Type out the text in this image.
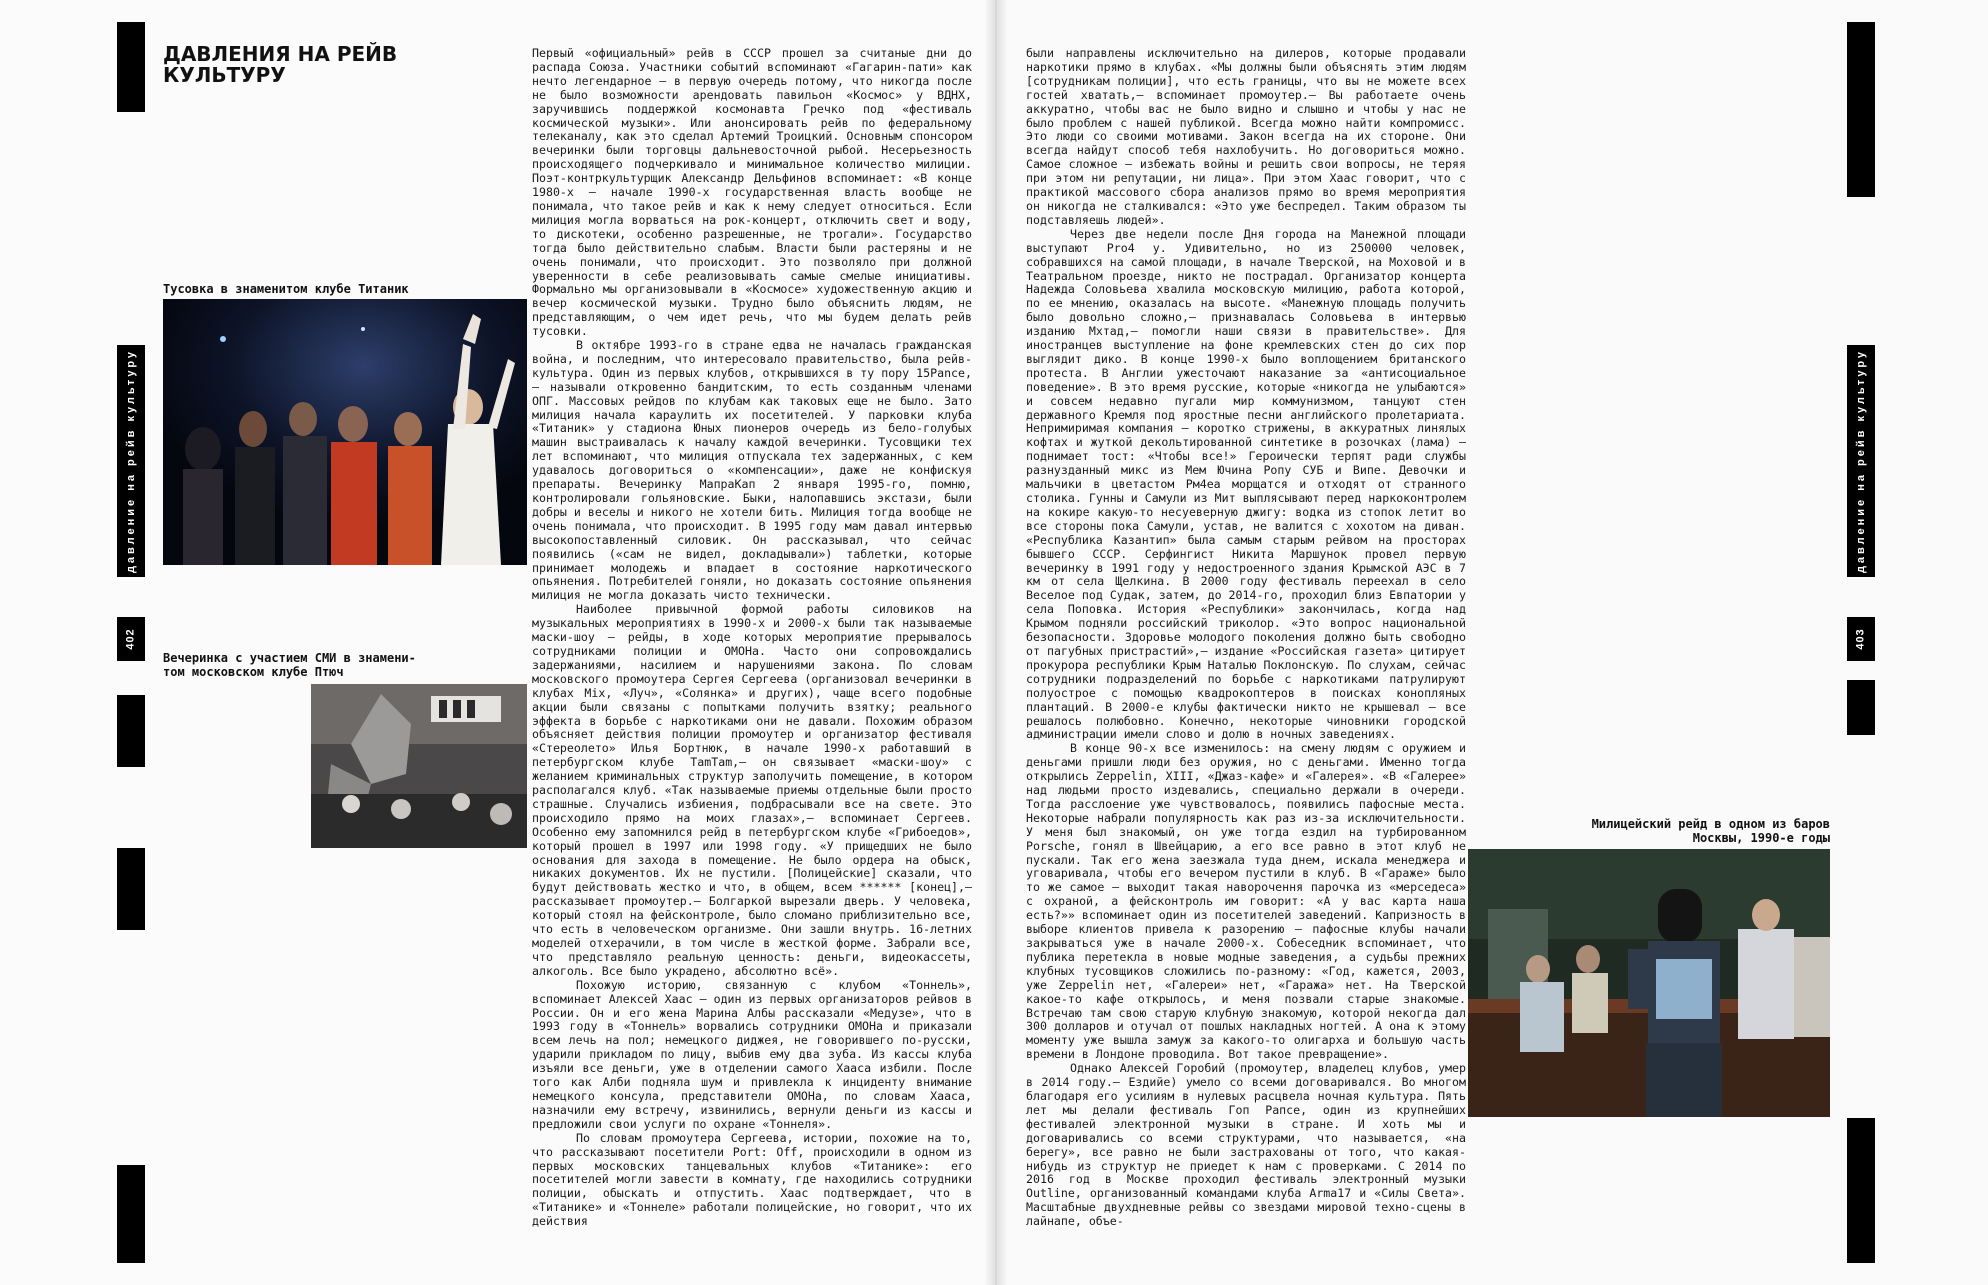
давление на рейв культуру
402
ДАВЛЕНИЯ НА РЕЙВ КУЛЬТУРУ

Тусовка в знаменитом клубе Титаник

Вечеринка с участием СМИ в знамени-
том московском клубе Птюч

Первый «официальный» рейв в СССР прошел за считаные дни до распада Союза. Участники событий вспоминают «Гагарин-пати» как нечто легендарное — в первую очередь потому, что никогда после не было возможности арендовать павильон «Космос» у ВДНХ, заручившись поддержкой космонавта Гречко под «фестиваль космической музыки». Или анонсировать рейв по федеральному телеканалу, как это сделал Артемий Троицкий. Основным спонсором вечеринки были торговцы дальневосточной рыбой. Несерьезность происходящего подчеркивало и минимальное количество милиции. Поэт-контркультурщик Александр Дельфинов вспоминает: «В конце 1980-х — начале 1990-х государственная власть вообще не понимала, что такое рейв и как к нему следует относиться. Если милиция могла ворваться на рок-концерт, отключить свет и воду, то дискотеки, особенно разрешенные, не трогали». Государство тогда было действительно слабым. Власти были растеряны и не очень понимали, что происходит. Это позволяло при должной уверенности в себе реализовывать самые смелые инициативы. Формально мы организовывали в «Космосе» художественную акцию и вечер космической музыки. Трудно было объяснить людям, не представляющим, о чем идет речь, что мы будем делать рейв тусовки.

В октябре 1993-го в стране едва не началась гражданская война, и последним, что интересовало правительство, была рейв-культура. Один из первых клубов, открывшихся в ту пору 15Pance,— называли откровенно бандитским, то есть созданным членами ОПГ. Массовых рейдов по клубам как таковых еще не было. Зато милиция начала караулить их посетителей. У парковки клуба «Титаник» у стадиона Юных пионеров очередь из бело-голубых машин выстраивалась к началу каждой вечеринки. Тусовщики тех лет вспоминают, что милиция отпускала тех задержанных, с кем удавалось договориться о «компенсации», даже не конфискуя препараты. Вечеринку МапраКап 2 января 1995-го, помню, контролировали гольяновские. Быки, налопавшись экстази, были добры и веселы и никого не хотели бить. Милиция тогда вообще не очень понимала, что происходит. В 1995 году мам давал интервью высокопоставленный силовик. Он рассказывал, что сейчас появились («сам не видел, докладывали») таблетки, которые принимает молодежь и впадает в состояние наркотического опьянения. Потребителей гоняли, но доказать состояние опьянения милиция не могла доказать чисто технически.

Наиболее привычной формой работы силовиков на музыкальных мероприятиях в 1990-х и 2000-х были так называемые маски-шоу — рейды, в ходе которых мероприятие прерывалось сотрудниками полиции и ОМОНа. Часто они сопровождались задержаниями, насилием и нарушениями закона. По словам московского промоутера Сергея Сергеева (организовал вечеринки в клубах Mix, «Луч», «Солянка» и других), чаще всего подобные акции были связаны с попытками получить взятку; реального эффекта в борьбе с наркотиками они не давали. Похожим образом объясняет действия полиции промоутер и организатор фестиваля «Стереолето» Илья Бортнюк, в начале 1990-х работавший в петербургском клубе TamTam,— он связывает «маски-шоу» с желанием криминальных структур заполучить помещение, в котором располагался клуб. «Так называемые приемы отдельные были просто страшные. Случались избиения, подбрасывали все на свете. Это происходило прямо на моих глазах»,— вспоминает Сергеев. Особенно ему запомнился рейд в петербургском клубе «Грибоедов», который прошел в 1997 или 1998 году. «У прищедших не было основания для захода в помещение. Не было ордера на обыск, никаких документов. Их не пустили. [Полицейские] сказали, что будут действовать жестко и что, в общем, всем ****** [конец],— рассказывает промоутер.— Болгаркой вырезали дверь. У человека, который стоял на фейсконтроле, было сломано приблизительно все, что есть в человеческом организме. Они зашли внутрь. 16-летних моделей отхерачили, в том числе в жесткой форме. Забрали все, что представляло реальную ценность: деньги, видеокассеты, алкоголь. Все было украдено, абсолютно всё».

Похожую историю, связанную с клубом «Тоннель», вспоминает Алексей Хаас — один из первых организаторов рейвов в России. Он и его жена Марина Албы рассказали «Медузе», что в 1993 году в «Тоннель» ворвались сотрудники ОМОНа и приказали всем лечь на пол; немецкого диджея, не говорившего по-русски, ударили прикладом по лицу, выбив ему два зуба. Из кассы клуба изъяли все деньги, уже в отделении самого Хааса избили. После того как Алби подняла шум и привлекла к инциденту внимание немецкого консула, представители ОМОНа, по словам Хааса, назначили ему встречу, извинились, вернули деньги из кассы и предложили свои услуги по охране «Тоннеля».

По словам промоутера Сергеева, истории, похожие на то, что рассказывают посетители Port: Off, происходили в одном из первых московских танцевальных клубов «Титанике»: его посетителей могли завести в комнату, где находились сотрудники полиции, обыскать и отпустить. Хаас подтверждает, что в «Титанике» и «Тоннеле» работали полицейские, но говорит, что их действия

давление на рейв культуру
403

Милицейский рейд в одном из баров
Москвы, 1990-е годы

были направлены исключительно на дилеров, которые продавали наркотики прямо в клубах. «Мы должны были объяснять этим людям [сотрудникам полиции], что есть границы, что вы не можете всех гостей хватать,— вспоминает промоутер.— Вы работаете очень аккуратно, чтобы вас не было видно и слышно и чтобы у нас не было проблем с нашей публикой. Всегда можно найти компромисс. Это люди со своими мотивами. Закон всегда на их стороне. Они всегда найдут способ тебя нахлобучить. Но договориться можно. Самое сложное — избежать войны и решить свои вопросы, не теряя при этом ни репутации, ни лица». При этом Хаас говорит, что с практикой массового сбора анализов прямо во время мероприятия он никогда не сталкивался: «Это уже беспредел. Таким образом ты подставляешь людей».

Через две недели после Дня города на Манежной площади выступают Pro4 у. Удивительно, но из 250000 человек, собравшихся на самой площади, в начале Тверской, на Моховой и в Театральном проезде, никто не пострадал. Организатор концерта Надежда Соловьева хвалила московскую милицию, работа которой, по ее мнению, оказалась на высоте. «Манежную площадь получить было довольно сложно,— признавалась Соловьева в интервью изданию Мхтад,— помогли наши связи в правительстве». Для иностранцев выступление на фоне кремлевских стен до сих пор выглядит дико. В конце 1990-х было воплощением британского протеста. В Англии ужесточают наказание за «антисоциальное поведение». В это время русские, которые «никогда не улыбаются» и совсем недавно пугали мир коммунизмом, танцуют стен державного Кремля под яростные песни английского пролетариата. Непримиримая компания — коротко стрижены, в аккуратных линялых кофтах и жуткой декольтированной синтетике в розочках (лама) — поднимает тост: «Чтобы все!» Героически терпят ради службы разнузданный микс из Мем Ючина Ропу СУБ и Випе. Девочки и мальчики в цветастом Рм4еа морщатся и отходят от странного столика. Гунны и Самули из Мит выплясывают перед наркоконтролем на кокире какую-то несуеверную джигу: водка из стопок летит во все стороны пока Самули, устав, не валится с хохотом на диван. «Республика Казантип» была самым старым рейвом на просторах бывшего СССР. Серфингист Никита Маршунок провел первую вечеринку в 1991 году у недостроенного здания Крымской АЭС в 7 км от села Щелкина. В 2000 году фестиваль переехал в село Веселое под Судак, затем, до 2014-го, проходил близ Евпатории у села Поповка. История «Республики» закончилась, когда над Крымом подняли российский триколор. «Это вопрос национальной безопасности. Здоровье молодого поколения должно быть свободно от пагубных пристрастий»,— издание «Российская газета» цитирует прокурора республики Крым Наталью Поклонскую. По слухам, сейчас сотрудники подразделений по борьбе с наркотиками патрулируют полуострое с помощью квадрокоптеров в поисках конопляных плантаций. В 2000-е клубы фактически никто не крышевал — все решалось полюбовно. Конечно, некоторые чиновники городской администрации имели слово и долю в ночных заведениях.

В конце 90-х все изменилось: на смену людям с оружием и деньгами пришли люди без оружия, но с деньгами. Именно тогда открылись Zeppelin, XIII, «Джаз-кафе» и «Галерея». «В «Галерее» над людьми просто издевались, специально держали в очереди. Тогда расслоение уже чувствовалось, появились пафосные места. Некоторые набрали популярность как раз из-за исключительности. У меня был знакомый, он уже тогда ездил на турбированном Porsche, гонял в Швейцарию, а его все равно в этот клуб не пускали. Так его жена заезжала туда днем, искала менеджера и уговаривала, чтобы его вечером пустили в клуб. В «Гараже» было то же самое — выходит такая наворочення парочка из «мерседеса» с охраной, а фейсконтроль им говорит: «А у вас карта наша есть?»» вспоминает один из посетителей заведений. Капризность в выборе клиентов привела к разорению — пафосные клубы начали закрываться уже в начале 2000-х. Собеседник вспоминает, что публика перетекла в новые модные заведения, а судьбы прежних клубных тусовщиков сложились по-разному: «Год, кажется, 2003, уже Zeppelin нет, «Галереи» нет, «Гаража» нет. На Тверской какое-то кафе открылось, и меня позвали старые знакомые. Встречаю там свою старую клубную знакомую, которой некогда дал 300 долларов и отучал от пошлых накладных ногтей. А она к этому моменту уже вышла замуж за какого-то олигарха и большую часть времени в Лондоне проводила. Вот такое превращение».

Однако Алексей Горобий (промоутер, владелец клубов, умер в 2014 году.— Ездийе) умело со всеми договаривался. Во многом благодаря его усилиям в нулевых расцвела ночная культура. Пять лет мы делали фестиваль Гоп Рапсе, один из крупнейших фестивалей электронной музыки в стране. И хоть мы и договаривались со всеми структурами, что называется, «на берегу», все равно не были застрахованы от того, что какая-нибудь из структур не приедет к нам с проверками. С 2014 по 2016 год в Москве проходил фестиваль электронный музыки Outline, организованный командами клуба Arma17 и «Силы Света». Масштабные двухдневные рейвы со звездами мировой техно-сцены в лайнапе, объе-
